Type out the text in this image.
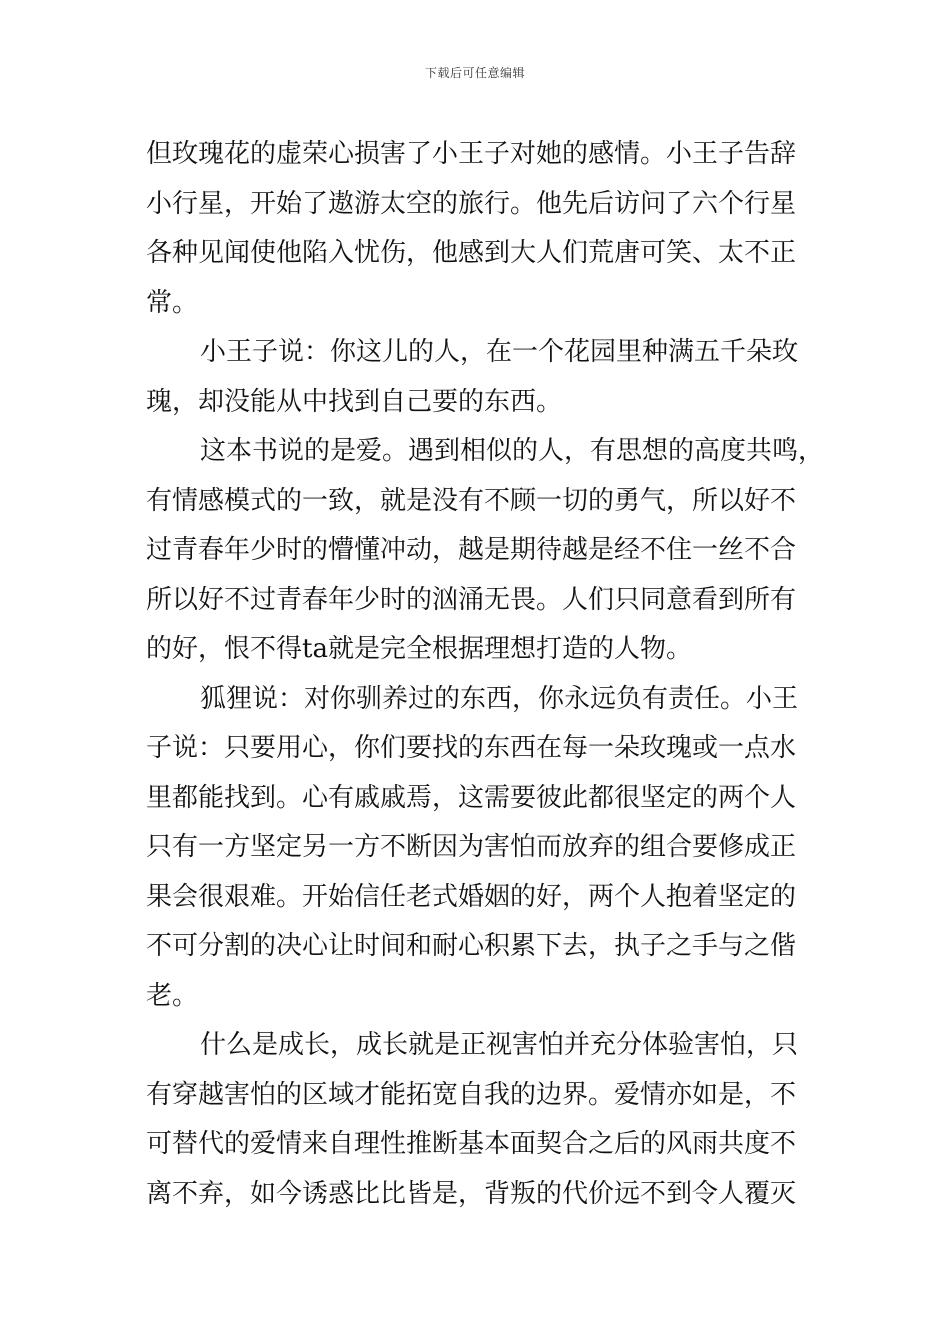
下载后可任意编辑
但玫瑰花的虚荣心损害了小王子对她的感情。小王子告辞
小行星，开始了遨游太空的旅行。他先后访问了六个行星
各种见闻使他陷入忧伤，他感到大人们荒唐可笑、太不正
常。
小王子说：你这儿的人，在一个花园里种满五千朵玫
瑰，却没能从中找到自己要的东西。
这本书说的是爱。遇到相似的人，有思想的高度共鸣，
有情感模式的一致，就是没有不顾一切的勇气，所以好不
过青春年少时的懵懂冲动，越是期待越是经不住一丝不合
所以好不过青春年少时的汹涌无畏。人们只同意看到所有
的好，恨不得ta就是完全根据理想打造的人物。
狐狸说：对你驯养过的东西，你永远负有责任。小王
子说：只要用心，你们要找的东西在每一朵玫瑰或一点水
里都能找到。心有戚戚焉，这需要彼此都很坚定的两个人
只有一方坚定另一方不断因为害怕而放弃的组合要修成正
果会很艰难。开始信任老式婚姻的好，两个人抱着坚定的
不可分割的决心让时间和耐心积累下去，执子之手与之偕
老。
什么是成长，成长就是正视害怕并充分体验害怕，只
有穿越害怕的区域才能拓宽自我的边界。爱情亦如是，不
可替代的爱情来自理性推断基本面契合之后的风雨共度不
离不弃，如今诱惑比比皆是，背叛的代价远不到令人覆灭
